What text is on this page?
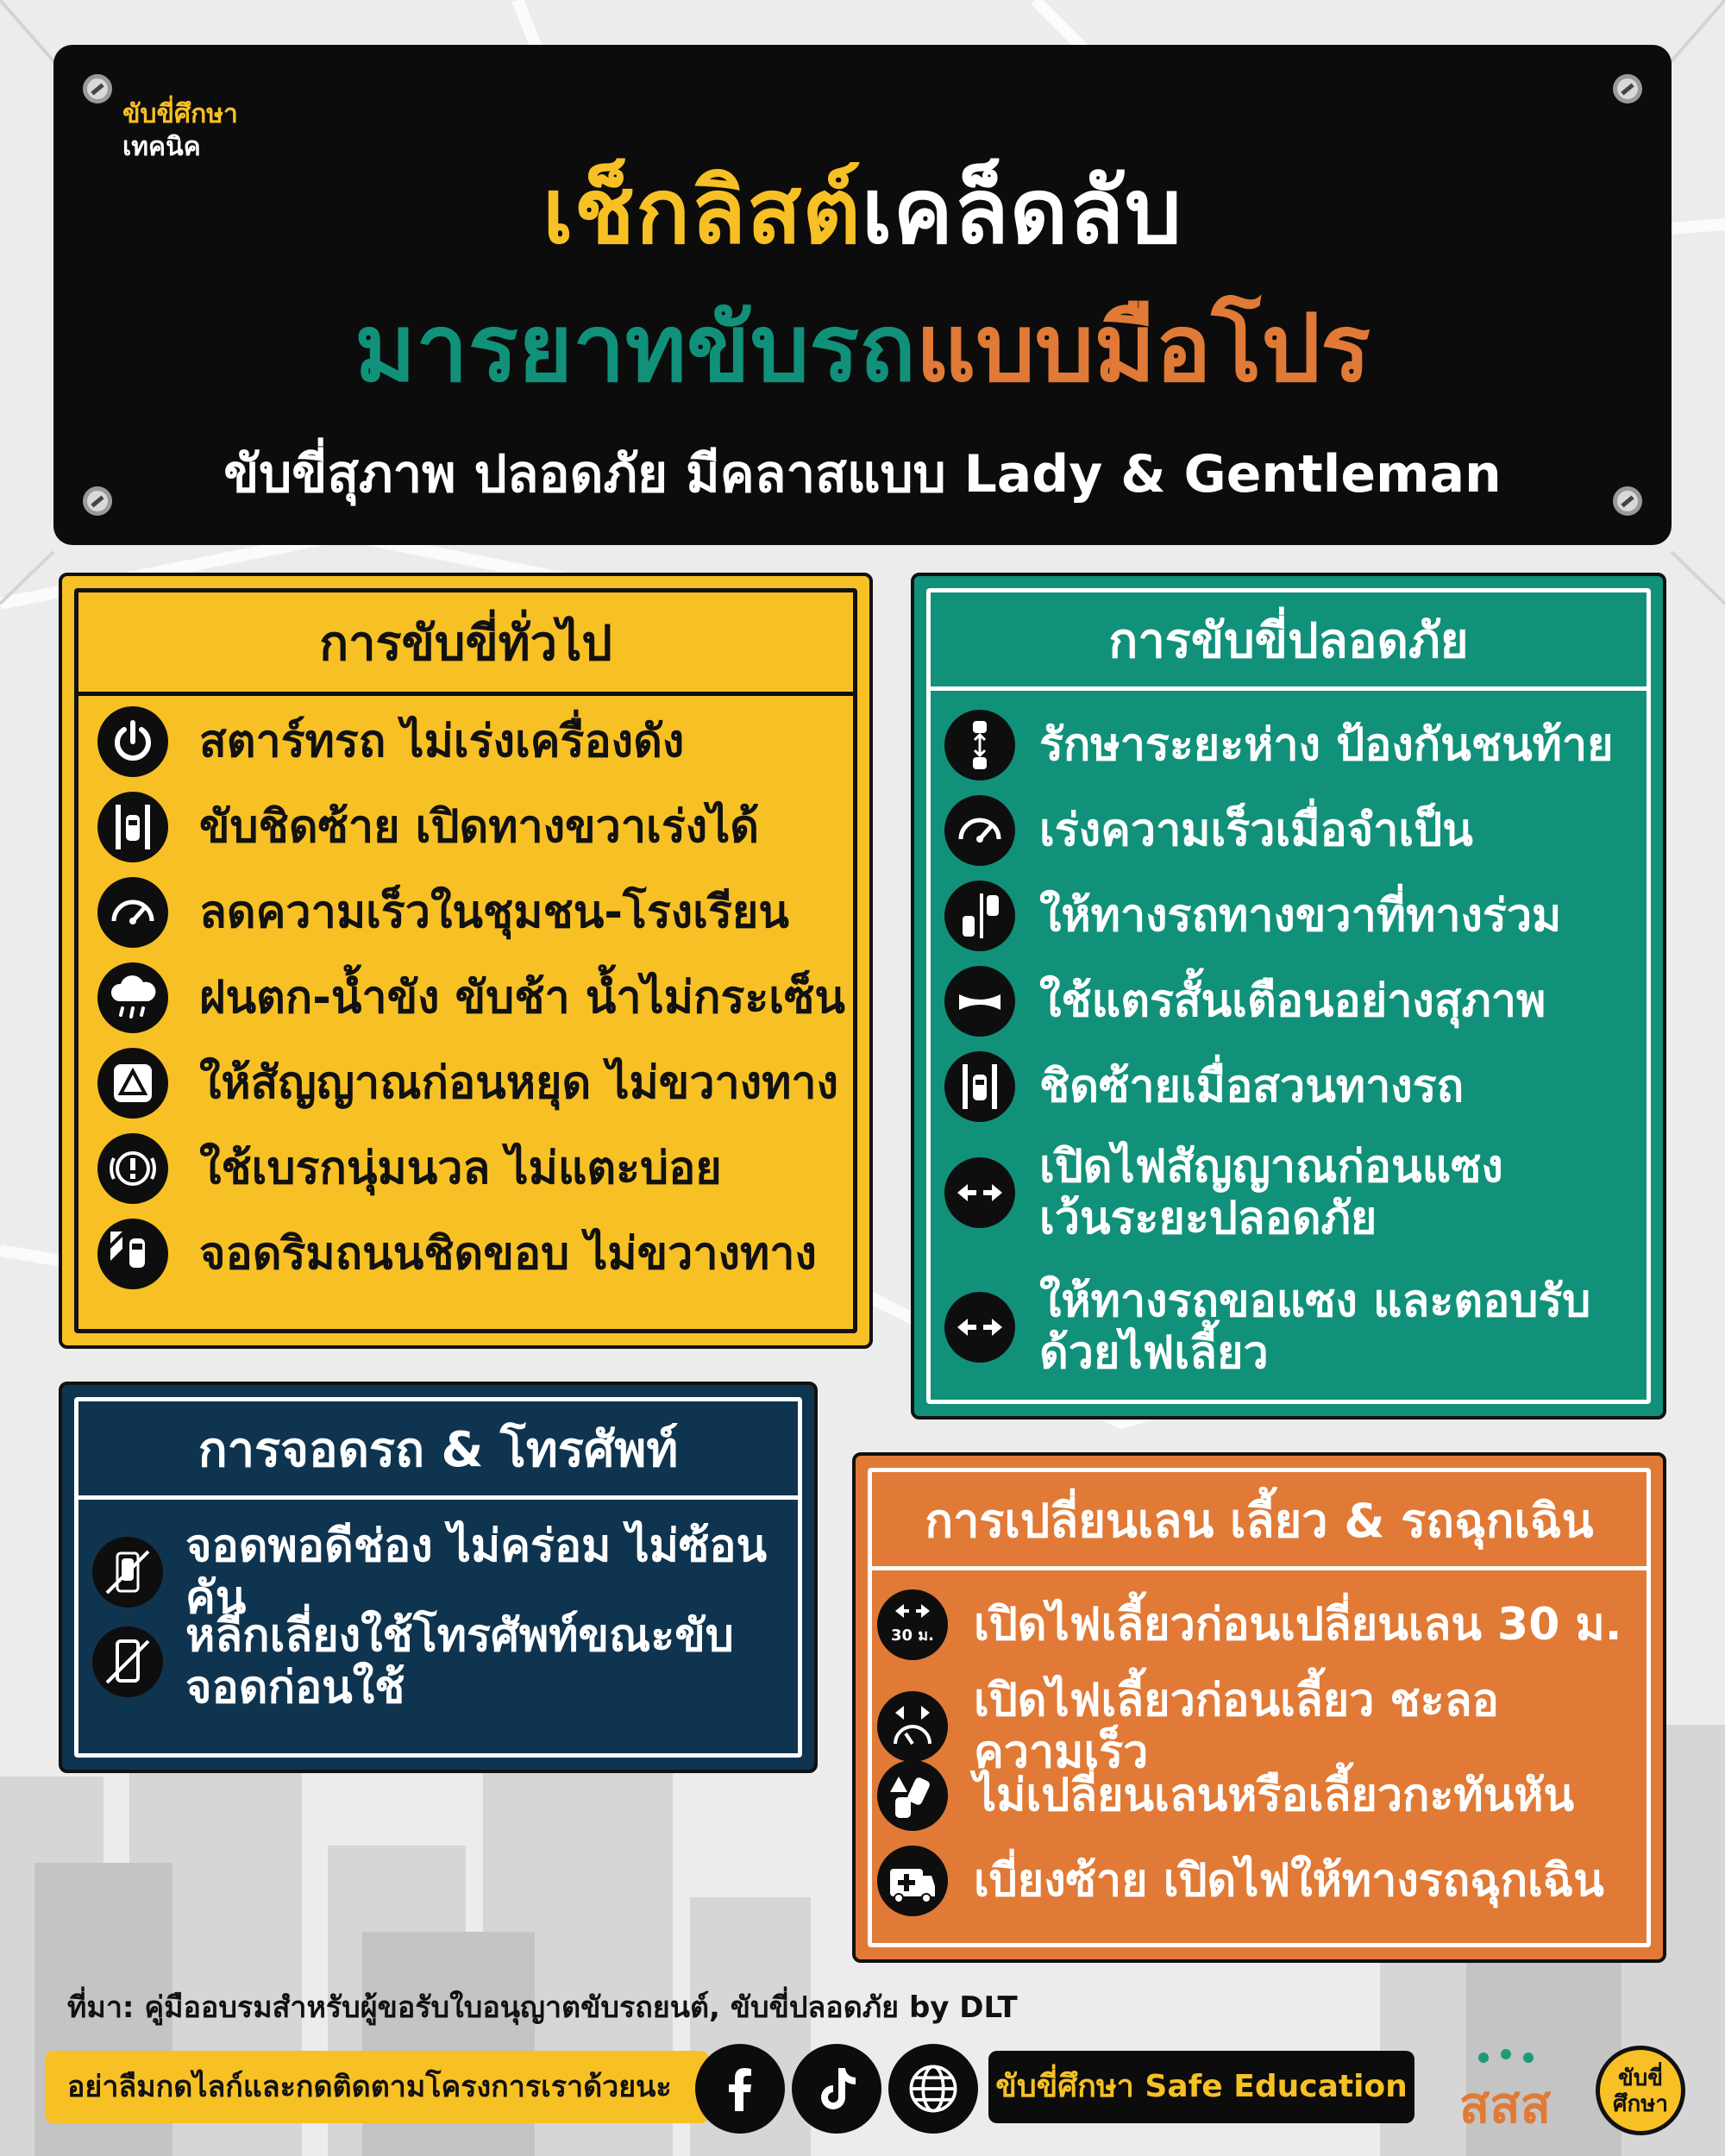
ขับขี่ศึกษา
เทคนิค
เช็กลิสต์เคล็ดลับ
มารยาทขับรถแบบมือโปร
ขับขี่สุภาพ ปลอดภัย มีคลาสแบบ Lady & Gentleman
การขับขี่ทั่วไป
สตาร์ทรถ ไม่เร่งเครื่องดัง
ขับชิดซ้าย เปิดทางขวาเร่งได้
ลดความเร็วในชุมชน-โรงเรียน
ฝนตก-น้ำขัง ขับช้า น้ำไม่กระเซ็น
ให้สัญญาณก่อนหยุด ไม่ขวางทาง
ใช้เบรกนุ่มนวล ไม่แตะบ่อย
จอดริมถนนชิดขอบ ไม่ขวางทาง
การขับขี่ปลอดภัย
รักษาระยะห่าง ป้องกันชนท้าย
เร่งความเร็วเมื่อจำเป็น
ให้ทางรถทางขวาที่ทางร่วม
ใช้แตรสั้นเตือนอย่างสุภาพ
ชิดซ้ายเมื่อสวนทางรถ
เปิดไฟสัญญาณก่อนแซง
เว้นระยะปลอดภัย
ให้ทางรถขอแซง และตอบรับ
ด้วยไฟเลี้ยว
การจอดรถ & โทรศัพท์
จอดพอดีช่อง ไม่คร่อม ไม่ซ้อนคัน
หลีกเลี่ยงใช้โทรศัพท์ขณะขับ
จอดก่อนใช้
การเปลี่ยนเลน เลี้ยว & รถฉุกเฉิน
เปิดไฟเลี้ยวก่อนเปลี่ยนเลน 30 ม.
เปิดไฟเลี้ยวก่อนเลี้ยว ชะลอความเร็ว
ไม่เปลี่ยนเลนหรือเลี้ยวกะทันหัน
เบี่ยงซ้าย เปิดไฟให้ทางรถฉุกเฉิน
ที่มา: คู่มืออบรมสำหรับผู้ขอรับใบอนุญาตขับรถยนต์, ขับขี่ปลอดภัย by DLT
อย่าลืมกดไลก์และกดติดตามโครงการเราด้วยนะ	ขับขี่ศึกษา Safe Education สสส	ขับขี่
ศึกษา
